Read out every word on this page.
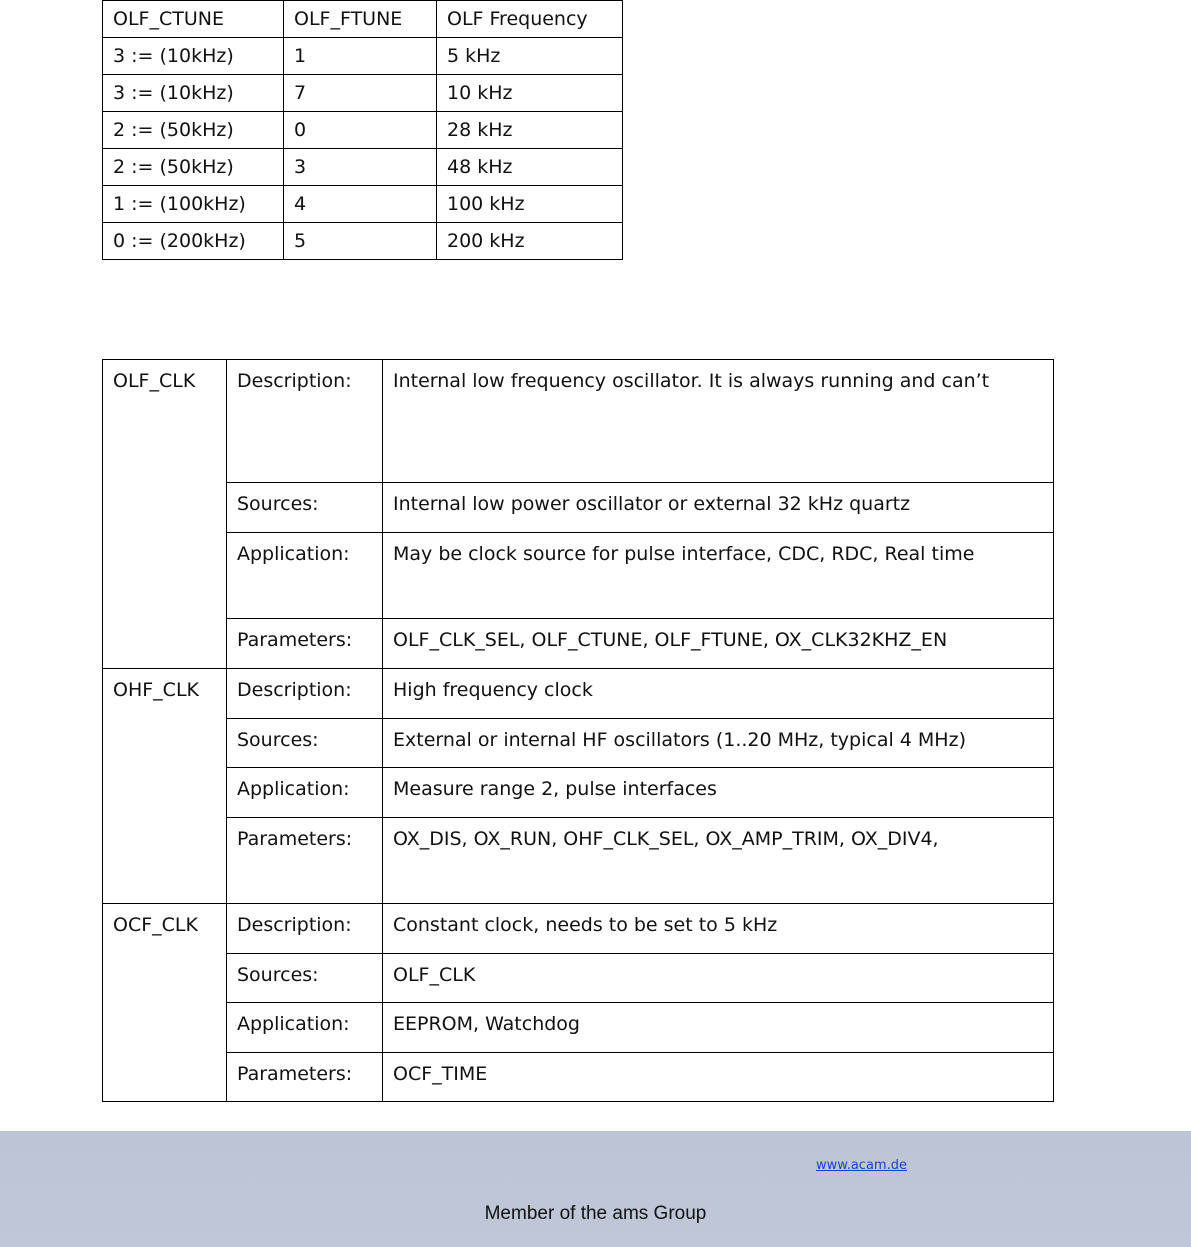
OLF_CTUNE	OLF_FTUNE	OLF Frequency
3 := (10kHz)	1	5 kHz
3 := (10kHz)	7	10 kHz
2 := (50kHz)	0	28 kHz
2 := (50kHz)	3	48 kHz
1 := (100kHz)	4	100 kHz
0 := (200kHz)	5	200 kHz
OLF_CLK	Description:	Internal low frequency oscillator. It is always running and can’t
	Sources:	Internal low power oscillator or external 32 kHz quartz
	Application:	May be clock source for pulse interface, CDC, RDC, Real time
	Parameters:	OLF_CLK_SEL, OLF_CTUNE, OLF_FTUNE, OX_CLK32KHZ_EN
OHF_CLK	Description:	High frequency clock
	Sources:	External or internal HF oscillators (1..20 MHz, typical 4 MHz)
	Application:	Measure range 2, pulse interfaces
	Parameters:	OX_DIS, OX_RUN, OHF_CLK_SEL, OX_AMP_TRIM, OX_DIV4,
OCF_CLK	Description:	Constant clock, needs to be set to 5 kHz
	Sources:	OLF_CLK
	Application:	EEPROM, Watchdog
	Parameters:	OCF_TIME
www.acam.de
Member of the ams Group
